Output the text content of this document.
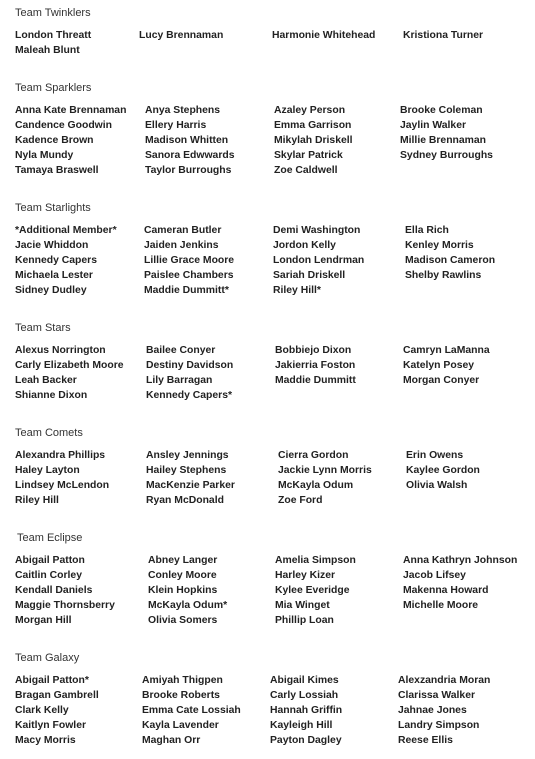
Team Twinklers
London Threatt
Maleah Blunt
Lucy Brennaman	Harmonie Whitehead	Kristiona Turner
Team Sparklers
Anna Kate Brennaman
Candence Goodwin
Kadence Brown
Nyla Mundy
Tamaya Braswell
Anya Stephens
Ellery Harris
Madison Whitten
Sanora Edwwards
Taylor Burroughs
Azaley Person
Emma Garrison
Mikylah Driskell
Skylar Patrick
Zoe Caldwell
Brooke Coleman
Jaylin Walker
Millie Brennaman
Sydney Burroughs
Team Starlights
*Additional Member*
Jacie Whiddon
Kennedy Capers
Michaela Lester
Sidney Dudley
Cameran Butler
Jaiden Jenkins
Lillie Grace Moore
Paislee Chambers
Maddie Dummitt*
Demi Washington
Jordon Kelly
London Lendrman
Sariah Driskell
Riley Hill*
Ella Rich
Kenley Morris
Madison Cameron
Shelby Rawlins
Team Stars
Alexus Norrington
Carly Elizabeth Moore
Leah Backer
Shianne Dixon
Bailee Conyer
Destiny Davidson
Lily Barragan
Kennedy Capers*
Bobbiejo Dixon
Jakierria Foston
Maddie Dummitt
Camryn LaManna
Katelyn Posey
Morgan Conyer
Team Comets
Alexandra Phillips
Haley Layton
Lindsey McLendon
Riley Hill
Ansley Jennings
Hailey Stephens
MacKenzie Parker
Ryan McDonald
Cierra Gordon
Jackie Lynn Morris
McKayla Odum
Zoe Ford
Erin Owens
Kaylee Gordon
Olivia Walsh
Team Eclipse
Abigail Patton
Caitlin Corley
Kendall Daniels
Maggie Thornsberry
Morgan Hill
Abney Langer
Conley Moore
Klein Hopkins
McKayla Odum*
Olivia Somers
Amelia Simpson
Harley Kizer
Kylee Everidge
Mia Winget
Phillip Loan
Anna Kathryn Johnson
Jacob Lifsey
Makenna Howard
Michelle Moore
Team Galaxy
Abigail Patton*
Bragan Gambrell
Clark Kelly
Kaitlyn Fowler
Macy Morris
Amiyah Thigpen
Brooke Roberts
Emma Cate Lossiah
Kayla Lavender
Maghan Orr
Abigail Kimes
Carly Lossiah
Hannah Griffin
Kayleigh Hill
Payton Dagley
Alexzandria Moran
Clarissa Walker
Jahnae Jones
Landry Simpson
Reese Ellis
